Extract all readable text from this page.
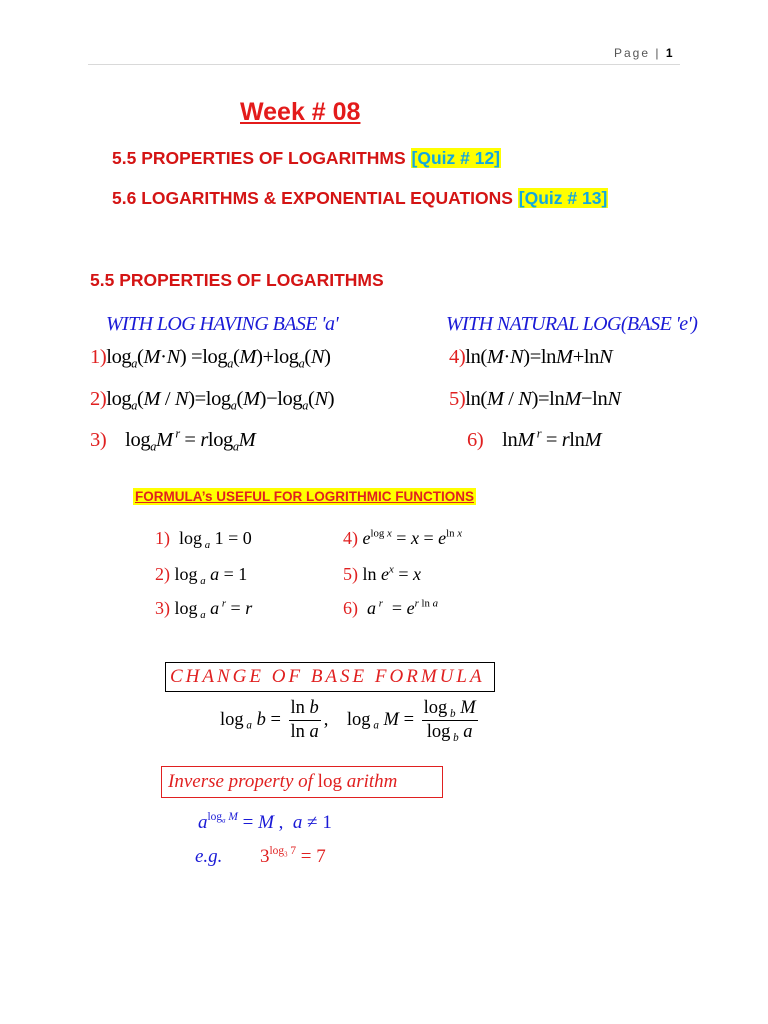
Page | 1
Week # 08
5.5 PROPERTIES OF LOGARITHMS [Quiz # 12]
5.6 LOGARITHMS & EXPONENTIAL EQUATIONS [Quiz # 13]
5.5 PROPERTIES OF LOGARITHMS
WITH LOG HAVING BASE 'a'	WITH NATURAL LOG(BASE 'e')
$1)\log_a(M\cdot N) =\log_a(M)+\log_a(N)$
$2)\log_a(M / N)=\log_a(M)-\log_a(N)$
3)    $\log_aM$ $^r$ = rlog$_a$M
4)ln(M·N)=lnM+lnN
5)ln(M / N)=lnM−lnN
6)    lnM $^r$ = rlnM
FORMULA’s USEFUL FOR LOGRITHMIC FUNCTIONS
1)  log $_a$ 1 = 0
2) log $_a$ a = 1
3) log $_a$ a $^r$ = r
4) $e^{log x} = x = e^{ln x}$
5) $\ln e^x = x$
6) a $^r = e^{r ln a}$
CHANGE OF BASE FORMULA
log $_a$ $b = \frac{\text{ln b}}{\text{ln a}}$ ,    log $_a$ $M = \frac{\log _b M}{\log _b a}$
Inverse property of log arithm
$a^{log_a M} = M$ ,  a ≠ 1
e.g. $3^{log_3 7} = 7$
